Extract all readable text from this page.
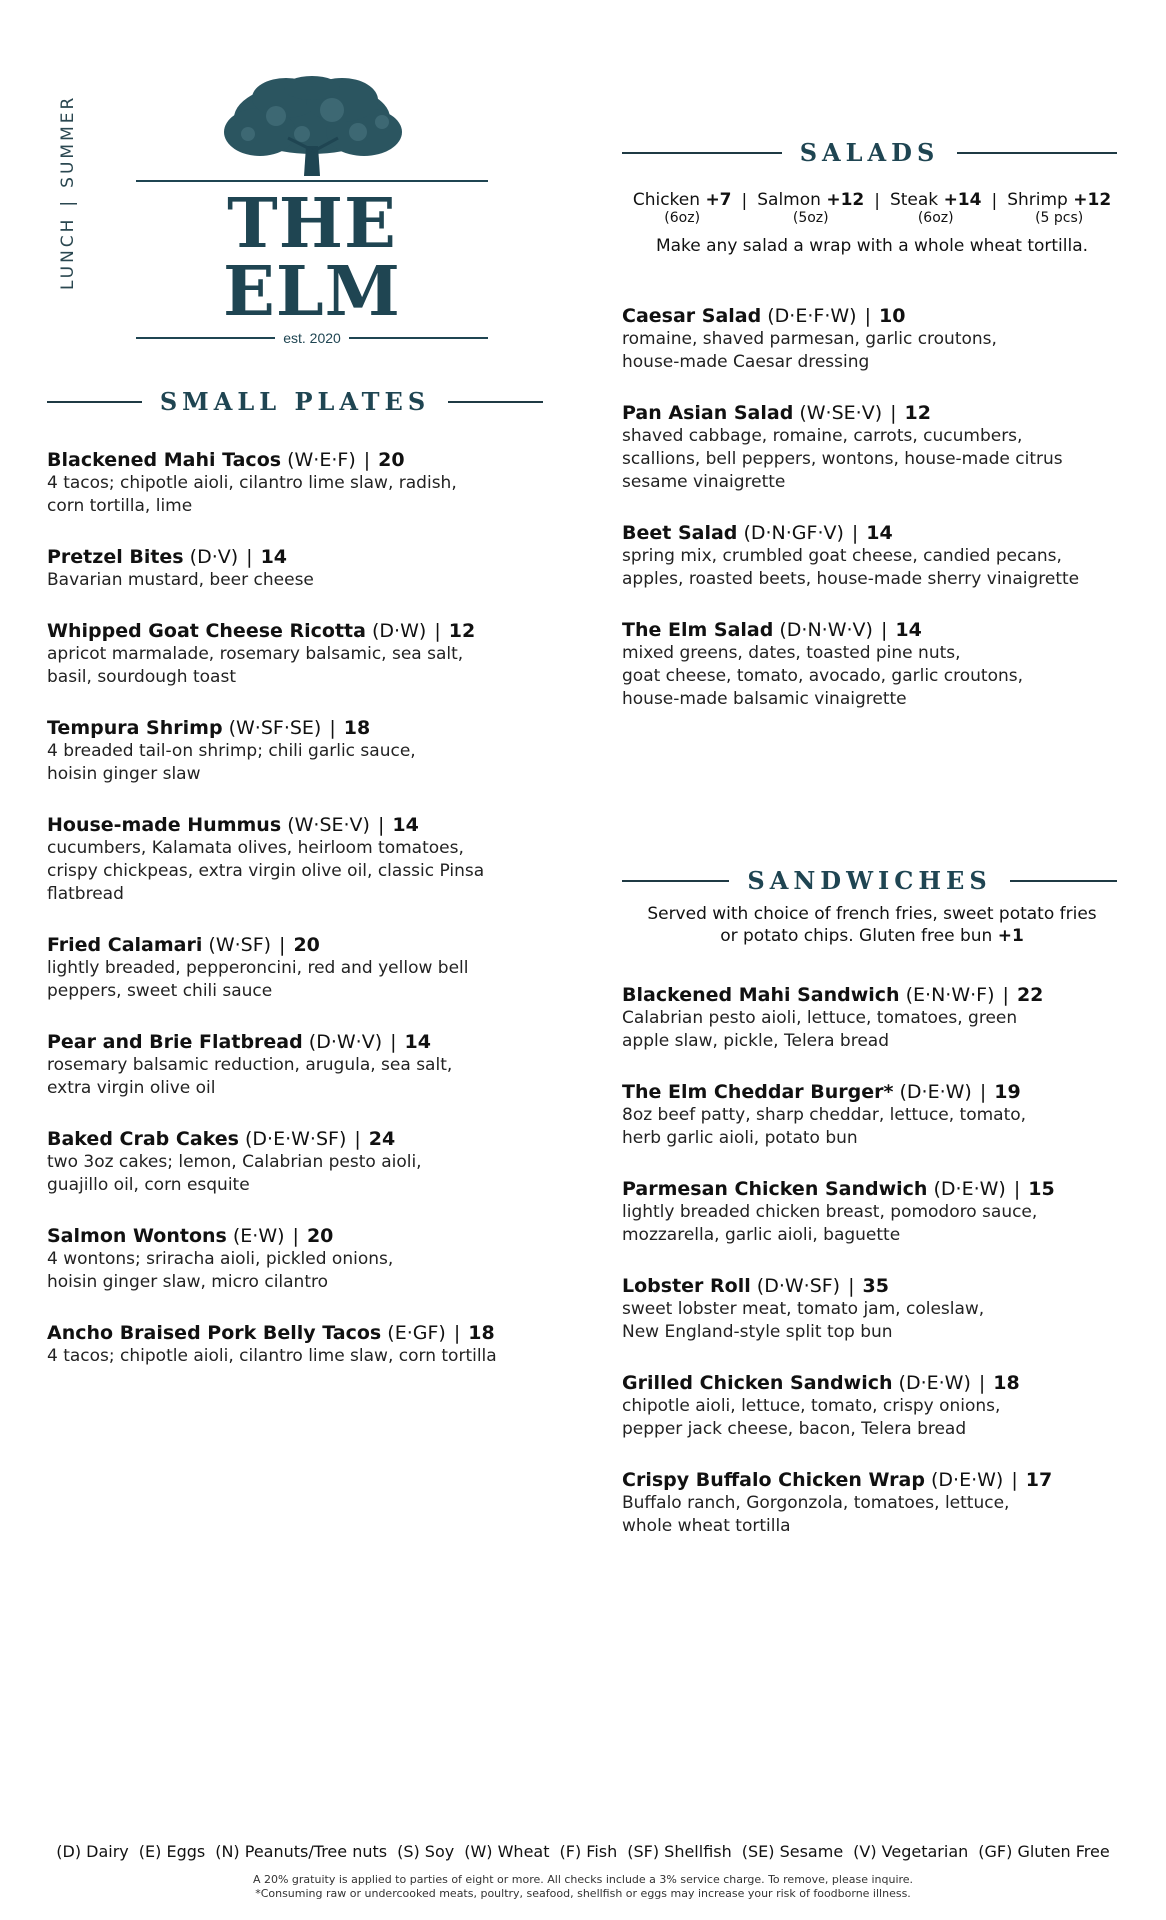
LUNCH|SUMMER
THE ELM
est. 2020
SALADS
Chicken +7
(6oz)
| Salmon +12
(5oz)
| Steak +14
(6oz)
| Shrimp +12
(5 pcs)
Make any salad a wrap with a whole wheat tortilla.
SMALL PLATES
Blackened Mahi Tacos (W·E·F) | 20
4 tacos; chipotle aioli, cilantro lime slaw, radish,
corn tortilla, lime
Pretzel Bites (D·V) | 14
Bavarian mustard, beer cheese
Whipped Goat Cheese Ricotta (D·W) | 12
apricot marmalade, rosemary balsamic, sea salt,
basil, sourdough toast
Tempura Shrimp (W·SF·SE) | 18
4 breaded tail-on shrimp; chili garlic sauce,
hoisin ginger slaw
House-made Hummus (W·SE·V) | 14
cucumbers, Kalamata olives, heirloom tomatoes,
crispy chickpeas, extra virgin olive oil, classic Pinsa
flatbread
Fried Calamari (W·SF) | 20
lightly breaded, pepperoncini, red and yellow bell
peppers, sweet chili sauce
Pear and Brie Flatbread (D·W·V) | 14
rosemary balsamic reduction, arugula, sea salt,
extra virgin olive oil
Baked Crab Cakes (D·E·W·SF) | 24
two 3oz cakes; lemon, Calabrian pesto aioli,
guajillo oil, corn esquite
Salmon Wontons (E·W) | 20
4 wontons; sriracha aioli, pickled onions,
hoisin ginger slaw, micro cilantro
Ancho Braised Pork Belly Tacos (E·GF) | 18
4 tacos; chipotle aioli, cilantro lime slaw, corn tortilla
Caesar Salad (D·E·F·W) | 10
romaine, shaved parmesan, garlic croutons,
house-made Caesar dressing
Pan Asian Salad (W·SE·V) | 12
shaved cabbage, romaine, carrots, cucumbers,
scallions, bell peppers, wontons, house-made citrus
sesame vinaigrette
Beet Salad (D·N·GF·V) | 14
spring mix, crumbled goat cheese, candied pecans,
apples, roasted beets, house-made sherry vinaigrette
The Elm Salad (D·N·W·V) | 14
mixed greens, dates, toasted pine nuts,
goat cheese, tomato, avocado, garlic croutons,
house-made balsamic vinaigrette
SANDWICHES
Served with choice of french fries, sweet potato fries
or potato chips. Gluten free bun +1
Blackened Mahi Sandwich (E·N·W·F) | 22
Calabrian pesto aioli, lettuce, tomatoes, green
apple slaw, pickle, Telera bread
The Elm Cheddar Burger* (D·E·W) | 19
8oz beef patty, sharp cheddar, lettuce, tomato,
herb garlic aioli, potato bun
Parmesan Chicken Sandwich (D·E·W) | 15
lightly breaded chicken breast, pomodoro sauce,
mozzarella, garlic aioli, baguette
Lobster Roll (D·W·SF) | 35
sweet lobster meat, tomato jam, coleslaw,
New England-style split top bun
Grilled Chicken Sandwich (D·E·W) | 18
chipotle aioli, lettuce, tomato, crispy onions,
pepper jack cheese, bacon, Telera bread
Crispy Buffalo Chicken Wrap (D·E·W) | 17
Buffalo ranch, Gorgonzola, tomatoes, lettuce,
whole wheat tortilla
(D) Dairy (E) Eggs (N) Peanuts/Tree nuts (S) Soy (W) Wheat (F) Fish (SF) Shellfish (SE) Sesame (V) Vegetarian (GF) Gluten Free
A 20% gratuity is applied to parties of eight or more. All checks include a 3% service charge. To remove, please inquire.
*Consuming raw or undercooked meats, poultry, seafood, shellfish or eggs may increase your risk of foodborne illness.
